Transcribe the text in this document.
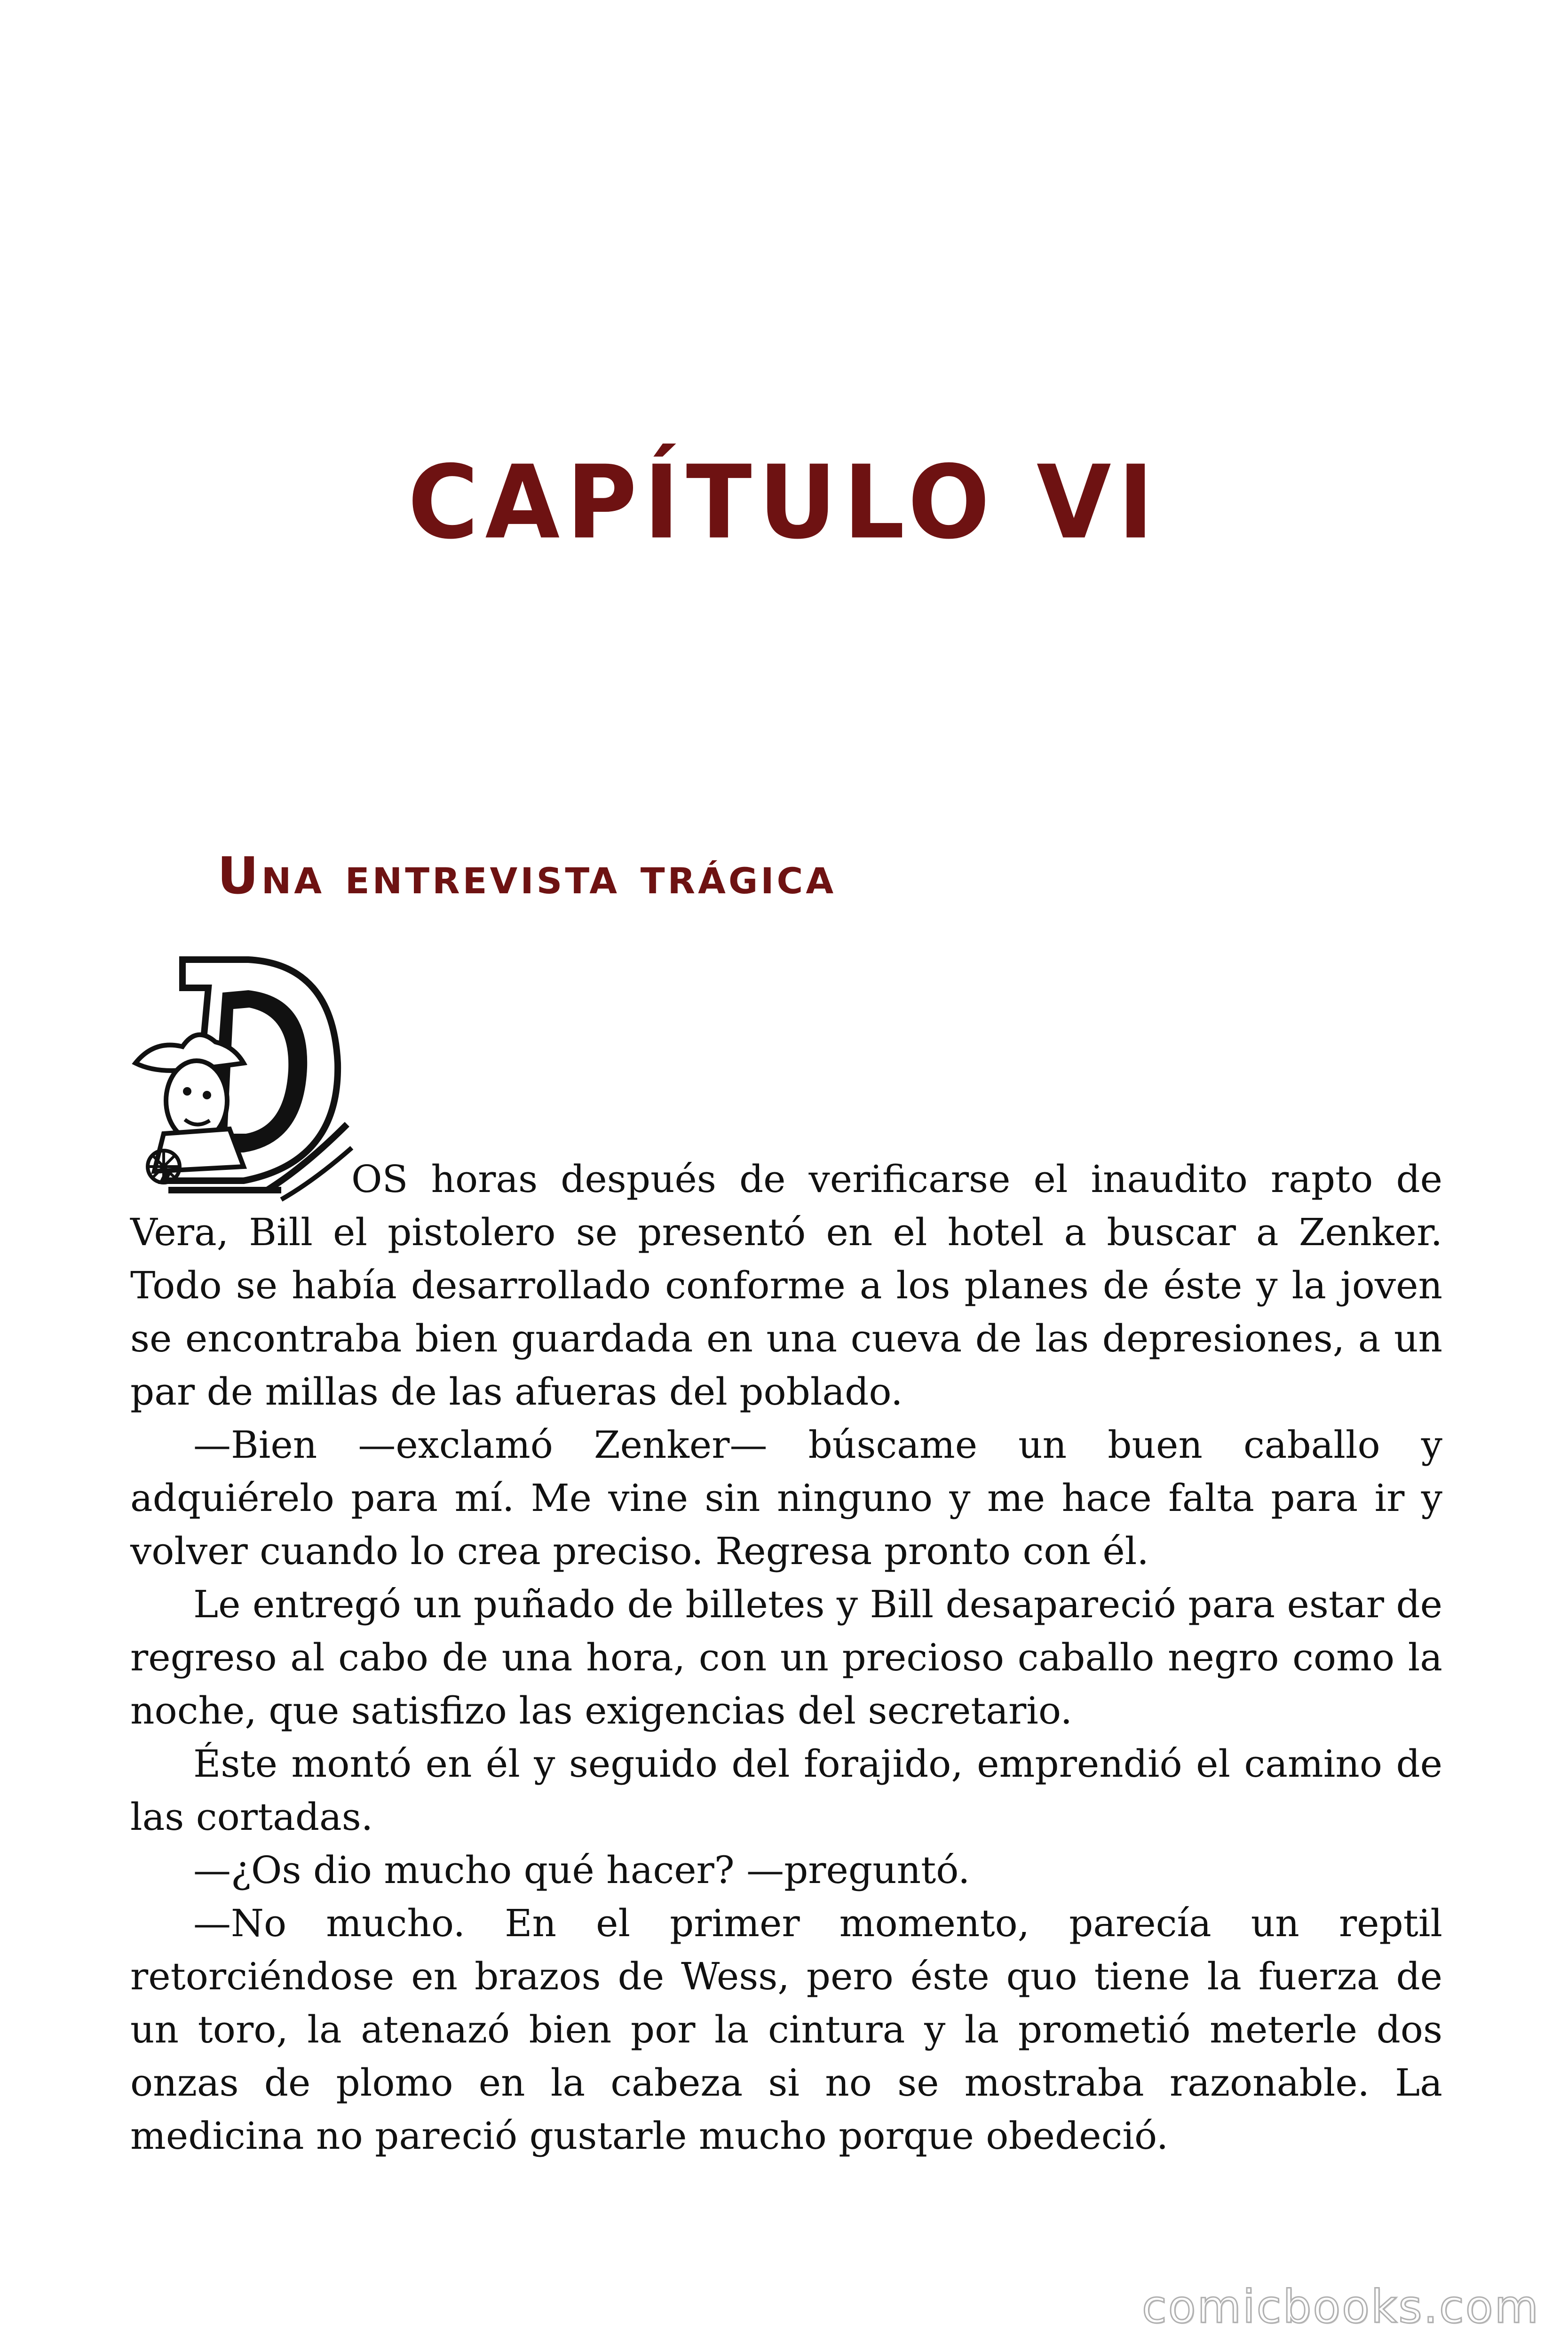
CAPÍTULO VI
Una entrevista trágica

OS horas después de verificarse el inaudito rapto de Vera, Bill el pistolero se presentó en el hotel a buscar a Zenker. Todo se había desarrollado conforme a los planes de éste y la joven se encontraba bien guardada en una cueva de las depresiones, a un par de millas de las afueras del poblado.

—Bien —exclamó Zenker— búscame un buen caballo y adquiérelo para mí. Me vine sin ninguno y me hace falta para ir y volver cuando lo crea preciso. Regresa pronto con él.

Le entregó un puñado de billetes y Bill desapareció para estar de regreso al cabo de una hora, con un precioso caballo negro como la noche, que satisfizo las exigencias del secretario.

Éste montó en él y seguido del forajido, emprendió el camino de las cortadas.

—¿Os dio mucho qué hacer? —preguntó.

—No mucho. En el primer momento, parecía un reptil retorciéndose en brazos de Wess, pero éste quo tiene la fuerza de un toro, la atenazó bien por la cintura y la prometió meterle dos onzas de plomo en la cabeza si no se mostraba razonable. La medicina no pareció gustarle mucho porque obedeció.

comicbooks.com
